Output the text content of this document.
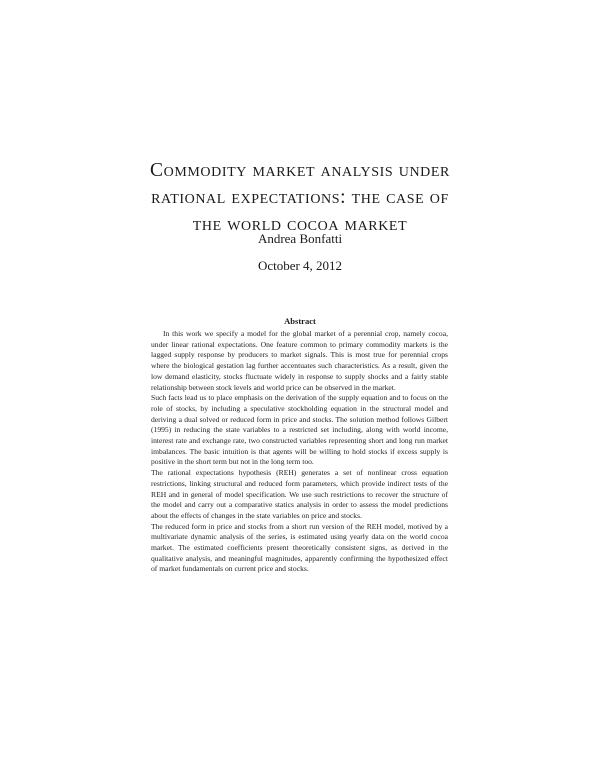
Commodity market analysis under
rational expectations: the case of
the world cocoa market
Andrea Bonfatti
October 4, 2012
Abstract

In this work we specify a model for the global market of a perennial crop, namely cocoa, under linear rational expectations. One feature common to primary commodity markets is the lagged supply response by producers to market signals. This is most true for perennial crops where the biological gestation lag further accentuates such characteristics. As a result, given the low demand elasticity, stocks fluctuate widely in response to supply shocks and a fairly stable relationship between stock levels and world price can be observed in the market.

Such facts lead us to place emphasis on the derivation of the supply equation and to focus on the role of stocks, by including a speculative stockholding equation in the structural model and deriving a dual solved or reduced form in price and stocks. The solution method follows Gilbert (1995) in reducing the state variables to a restricted set including, along with world income, interest rate and exchange rate, two constructed variables representing short and long run market imbalances. The basic intuition is that agents will be willing to hold stocks if excess supply is positive in the short term but not in the long term too.

The rational expectations hypothesis (REH) generates a set of nonlinear cross equation restrictions, linking structural and reduced form parameters, which provide indirect tests of the REH and in general of model specification. We use such restrictions to recover the structure of the model and carry out a comparative statics analysis in order to assess the model predictions about the effects of changes in the state variables on price and stocks.

The reduced form in price and stocks from a short run version of the REH model, motived by a multivariate dynamic analysis of the series, is estimated using yearly data on the world cocoa market. The estimated coefficients present theoretically consistent signs, as derived in the qualitative analysis, and meaningful magnitudes, apparently confirming the hypothesized effect of market fundamentals on current price and stocks.
